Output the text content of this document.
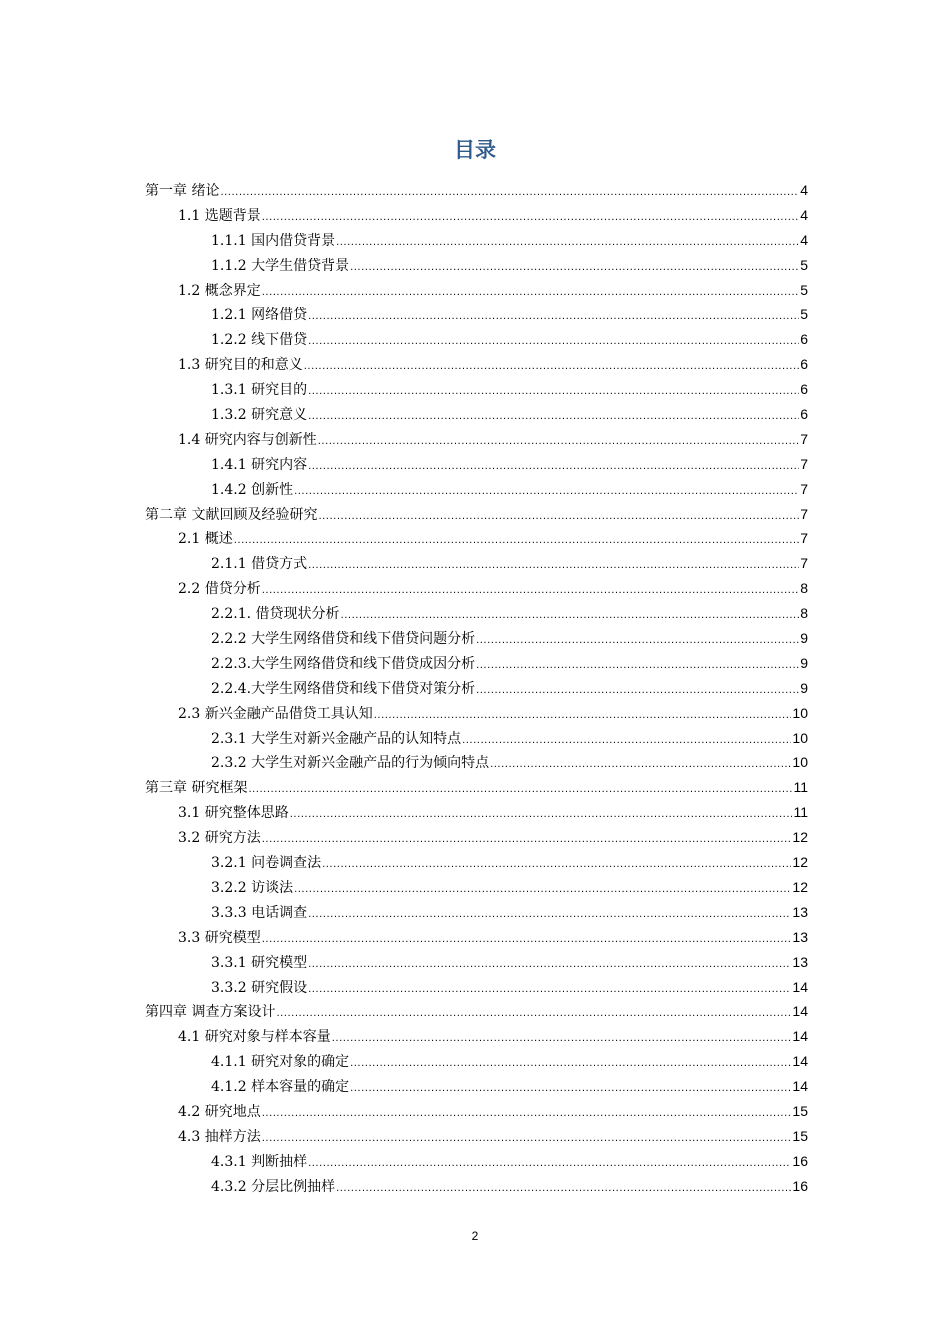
目录
第一章 绪论 .....	4
1.1 选题背景 .....	4
1.1.1 国内借贷背景 .....	4
1.1.2 大学生借贷背景 .....	5
1.2 概念界定 .....	5
1.2.1 网络借贷 .....	5
1.2.2 线下借贷 .....	6
1.3 研究目的和意义 .....	6
1.3.1 研究目的 .....	6
1.3.2 研究意义 .....	6
1.4 研究内容与创新性 .....	7
1.4.1 研究内容 .....	7
1.4.2 创新性 .....	7
第二章 文献回顾及经验研究 .....	7
2.1 概述 .....	7
2.1.1 借贷方式 .....	7
2.2 借贷分析 .....	8
2.2.1. 借贷现状分析 .....	8
2.2.2 大学生网络借贷和线下借贷问题分析 .....	9
2.2.3.大学生网络借贷和线下借贷成因分析 .....	9
2.2.4.大学生网络借贷和线下借贷对策分析 .....	9
2.3 新兴金融产品借贷工具认知 .....	10
2.3.1 大学生对新兴金融产品的认知特点 .....	10
2.3.2 大学生对新兴金融产品的行为倾向特点 .....	10
第三章 研究框架 .....	11
3.1 研究整体思路 .....	11
3.2 研究方法 .....	12
3.2.1 问卷调查法 .....	12
3.2.2 访谈法 .....	12
3.3.3 电话调查 .....	13
3.3 研究模型 .....	13
3.3.1 研究模型 .....	13
3.3.2 研究假设 .....	14
第四章 调查方案设计 .....	14
4.1 研究对象与样本容量 .....	14
4.1.1 研究对象的确定 .....	14
4.1.2 样本容量的确定 .....	14
4.2 研究地点 .....	15
4.3 抽样方法 .....	15
4.3.1 判断抽样 .....	16
4.3.2 分层比例抽样 .....	16
2
